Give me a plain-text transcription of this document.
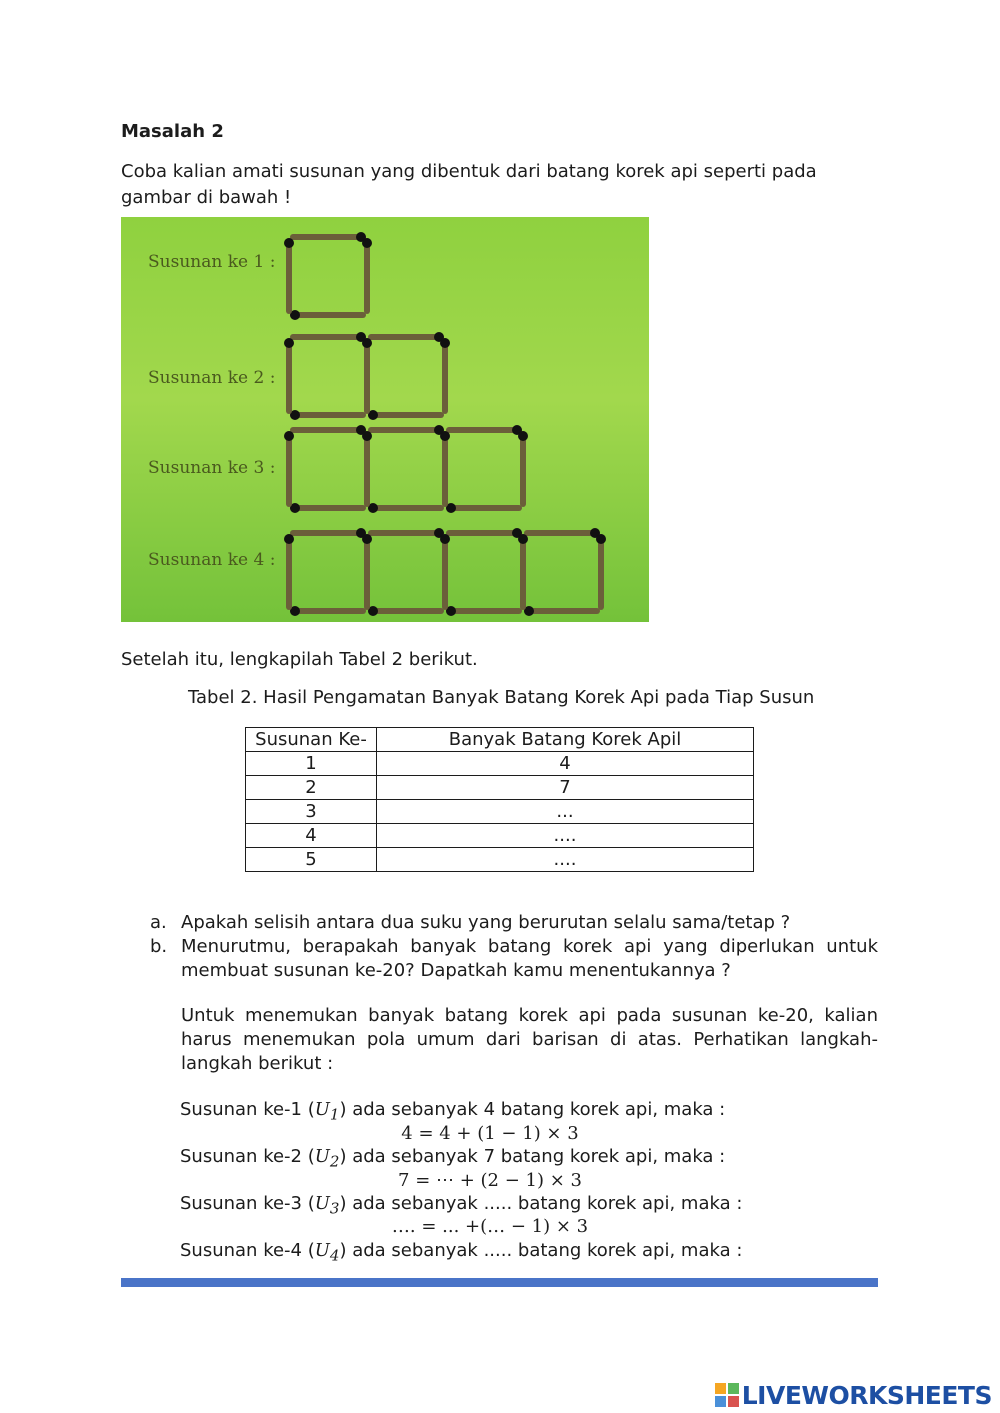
Masalah 2
Coba kalian amati susunan yang dibentuk dari batang korek api seperti pada gambar di bawah !
Susunan ke 1 :
Susunan ke 2 :
Susunan ke 3 :
Susunan ke 4 :
Setelah itu, lengkapilah Tabel 2 berikut.
Tabel 2. Hasil Pengamatan Banyak Batang Korek Api pada Tiap Susun
Susunan Ke-	Banyak Batang Korek Apil
1	4
2	7
3	...
4	....
5	....
a. Apakah selisih antara dua suku yang berurutan selalu sama/tetap ?
b. Menurutmu, berapakah banyak batang korek api yang diperlukan untuk membuat susunan ke-20? Dapatkah kamu menentukannya ?
Untuk menemukan banyak batang korek api pada susunan ke-20, kalian harus menemukan pola umum dari barisan di atas. Perhatikan langkah-langkah berikut :
Susunan ke-1 $(U_1)$ ada sebanyak 4 batang korek api, maka :
4 = 4 + (1 − 1) × 3
Susunan ke-2 $(U_2)$ ada sebanyak 7 batang korek api, maka :
7 = ⋯ + (2 − 1) × 3
Susunan ke-3 $(U_3)$ ada sebanyak ..... batang korek api, maka :
…. = ... +(… − 1) × 3
Susunan ke-4 $(U_4)$ ada sebanyak ..... batang korek api, maka :
LIVEWORKSHEETS
